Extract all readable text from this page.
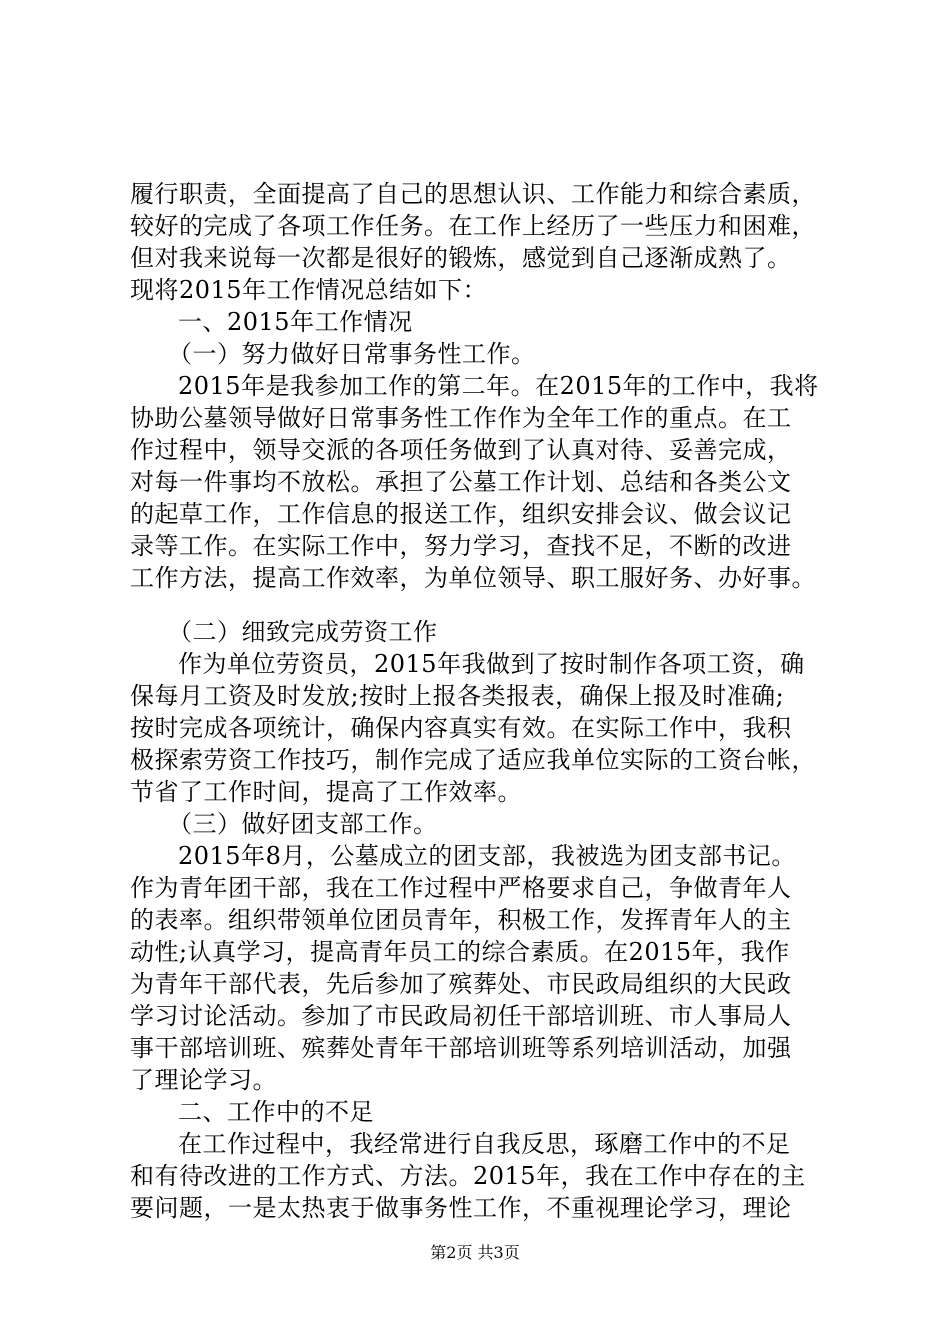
履行职责，全面提高了自己的思想认识、工作能力和综合素质，
较好的完成了各项工作任务。在工作上经历了一些压力和困难，
但对我来说每一次都是很好的锻炼，感觉到自己逐渐成熟了。
现将2015年工作情况总结如下：
一、2015年工作情况
（一）努力做好日常事务性工作。
2015年是我参加工作的第二年。在2015年的工作中，我将
协助公墓领导做好日常事务性工作作为全年工作的重点。在工
作过程中，领导交派的各项任务做到了认真对待、妥善完成，
对每一件事均不放松。承担了公墓工作计划、总结和各类公文
的起草工作，工作信息的报送工作，组织安排会议、做会议记
录等工作。在实际工作中，努力学习，查找不足，不断的改进
工作方法，提高工作效率，为单位领导、职工服好务、办好事。
（二）细致完成劳资工作
作为单位劳资员，2015年我做到了按时制作各项工资，确
保每月工资及时发放;按时上报各类报表，确保上报及时准确;
按时完成各项统计，确保内容真实有效。在实际工作中，我积
极探索劳资工作技巧，制作完成了适应我单位实际的工资台帐，
节省了工作时间，提高了工作效率。
（三）做好团支部工作。
2015年8月，公墓成立的团支部，我被选为团支部书记。
作为青年团干部，我在工作过程中严格要求自己，争做青年人
的表率。组织带领单位团员青年，积极工作，发挥青年人的主
动性;认真学习，提高青年员工的综合素质。在2015年，我作
为青年干部代表，先后参加了殡葬处、市民政局组织的大民政
学习讨论活动。参加了市民政局初任干部培训班、市人事局人
事干部培训班、殡葬处青年干部培训班等系列培训活动，加强
了理论学习。
二、工作中的不足
在工作过程中，我经常进行自我反思，琢磨工作中的不足
和有待改进的工作方式、方法。2015年，我在工作中存在的主
要问题，一是太热衷于做事务性工作，不重视理论学习，理论
第2页 共3页
